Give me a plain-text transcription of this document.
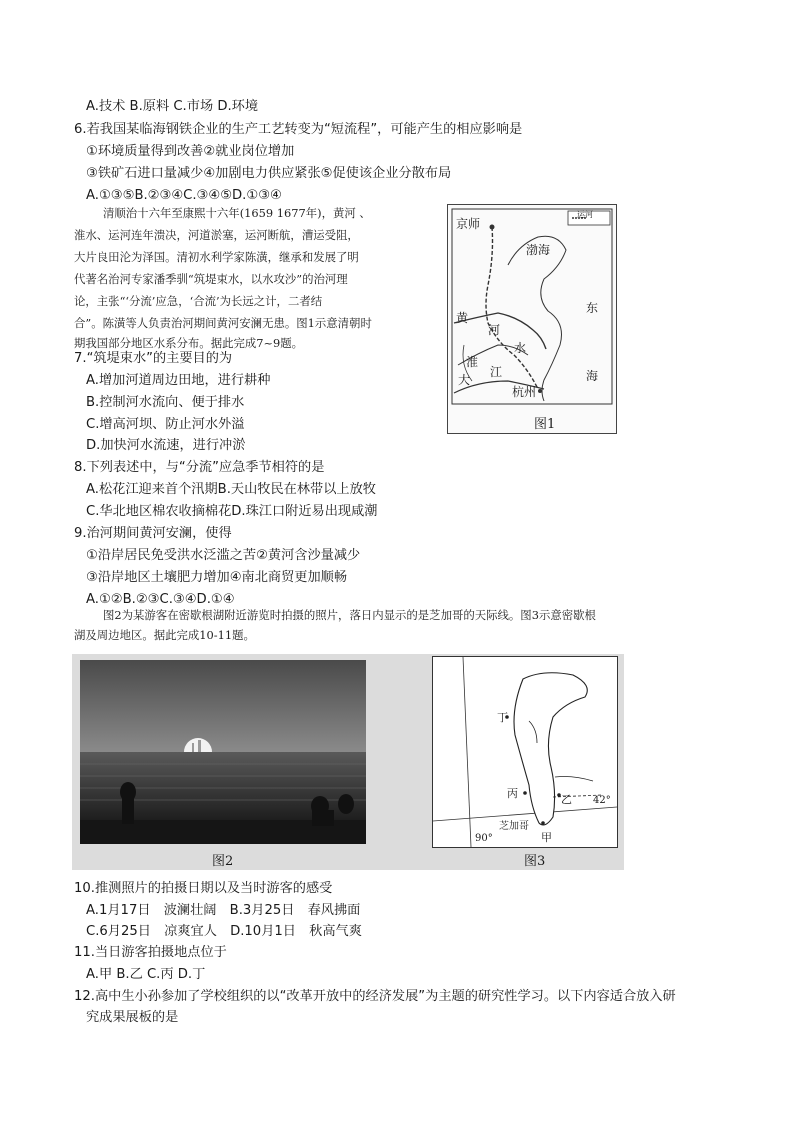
A.技术 B.原料 C.市场 D.环境
6.若我国某临海钢铁企业的生产工艺转变为“短流程”，可能产生的相应影响是
①环境质量得到改善②就业岗位增加
③铁矿石进口量减少④加剧电力供应紧张⑤促使该企业分散布局
A.①③⑤B.②③④C.③④⑤D.①③④
清顺治十六年至康熙十六年(1659 1677年)，黄河 、
淮水、运河连年溃决，河道淤塞，运河断航，漕运受阻，
大片良田沦为泽国。清初水利学家陈潢，继承和发展了明
代著名治河专家潘季驯“筑堤束水，以水攻沙”的治河理
论，主张“‘分流’应急，‘合流’为长远之计，二者结
合”。陈潢等人负责治河期间黄河安澜无患。图1示意清朝时
期我国部分地区水系分布。据此完成7~9题。
运河
京师
渤海
东
海
黄
河
水
淮
江
大
杭州
图1
7.“筑堤束水”的主要目的为
A.增加河道周边田地，进行耕种
B.控制河水流向、便于排水
C.增高河坝、防止河水外溢
D.加快河水流速，进行冲淤
8.下列表述中，与“分流”应急季节相符的是
A.松花江迎来首个汛期B.天山牧民在林带以上放牧
C.华北地区棉农收摘棉花D.珠江口附近易出现咸潮
9.治河期间黄河安澜，使得
①沿岸居民免受洪水泛滥之苦②黄河含沙量减少
③沿岸地区土壤肥力增加④南北商贸更加顺畅
A.①②B.②③C.③④D.①④
图2为某游客在密歇根湖附近游览时拍摄的照片，落日内显示的是芝加哥的天际线。图3示意密歇根
湖及周边地区。据此完成10-11题。
图2
丁
丙	乙
甲
芝加哥
90°
42°
图3
10.推测照片的拍摄日期以及当时游客的感受
A.1月17日　波澜壮阔　B.3月25日　春风拂面
C.6月25日　凉爽宜人　D.10月1日　秋高气爽
11.当日游客拍摄地点位于
A.甲 B.乙 C.丙 D.丁
12.高中生小孙参加了学校组织的以“改革开放中的经济发展”为主题的研究性学习。以下内容适合放入研
究成果展板的是
